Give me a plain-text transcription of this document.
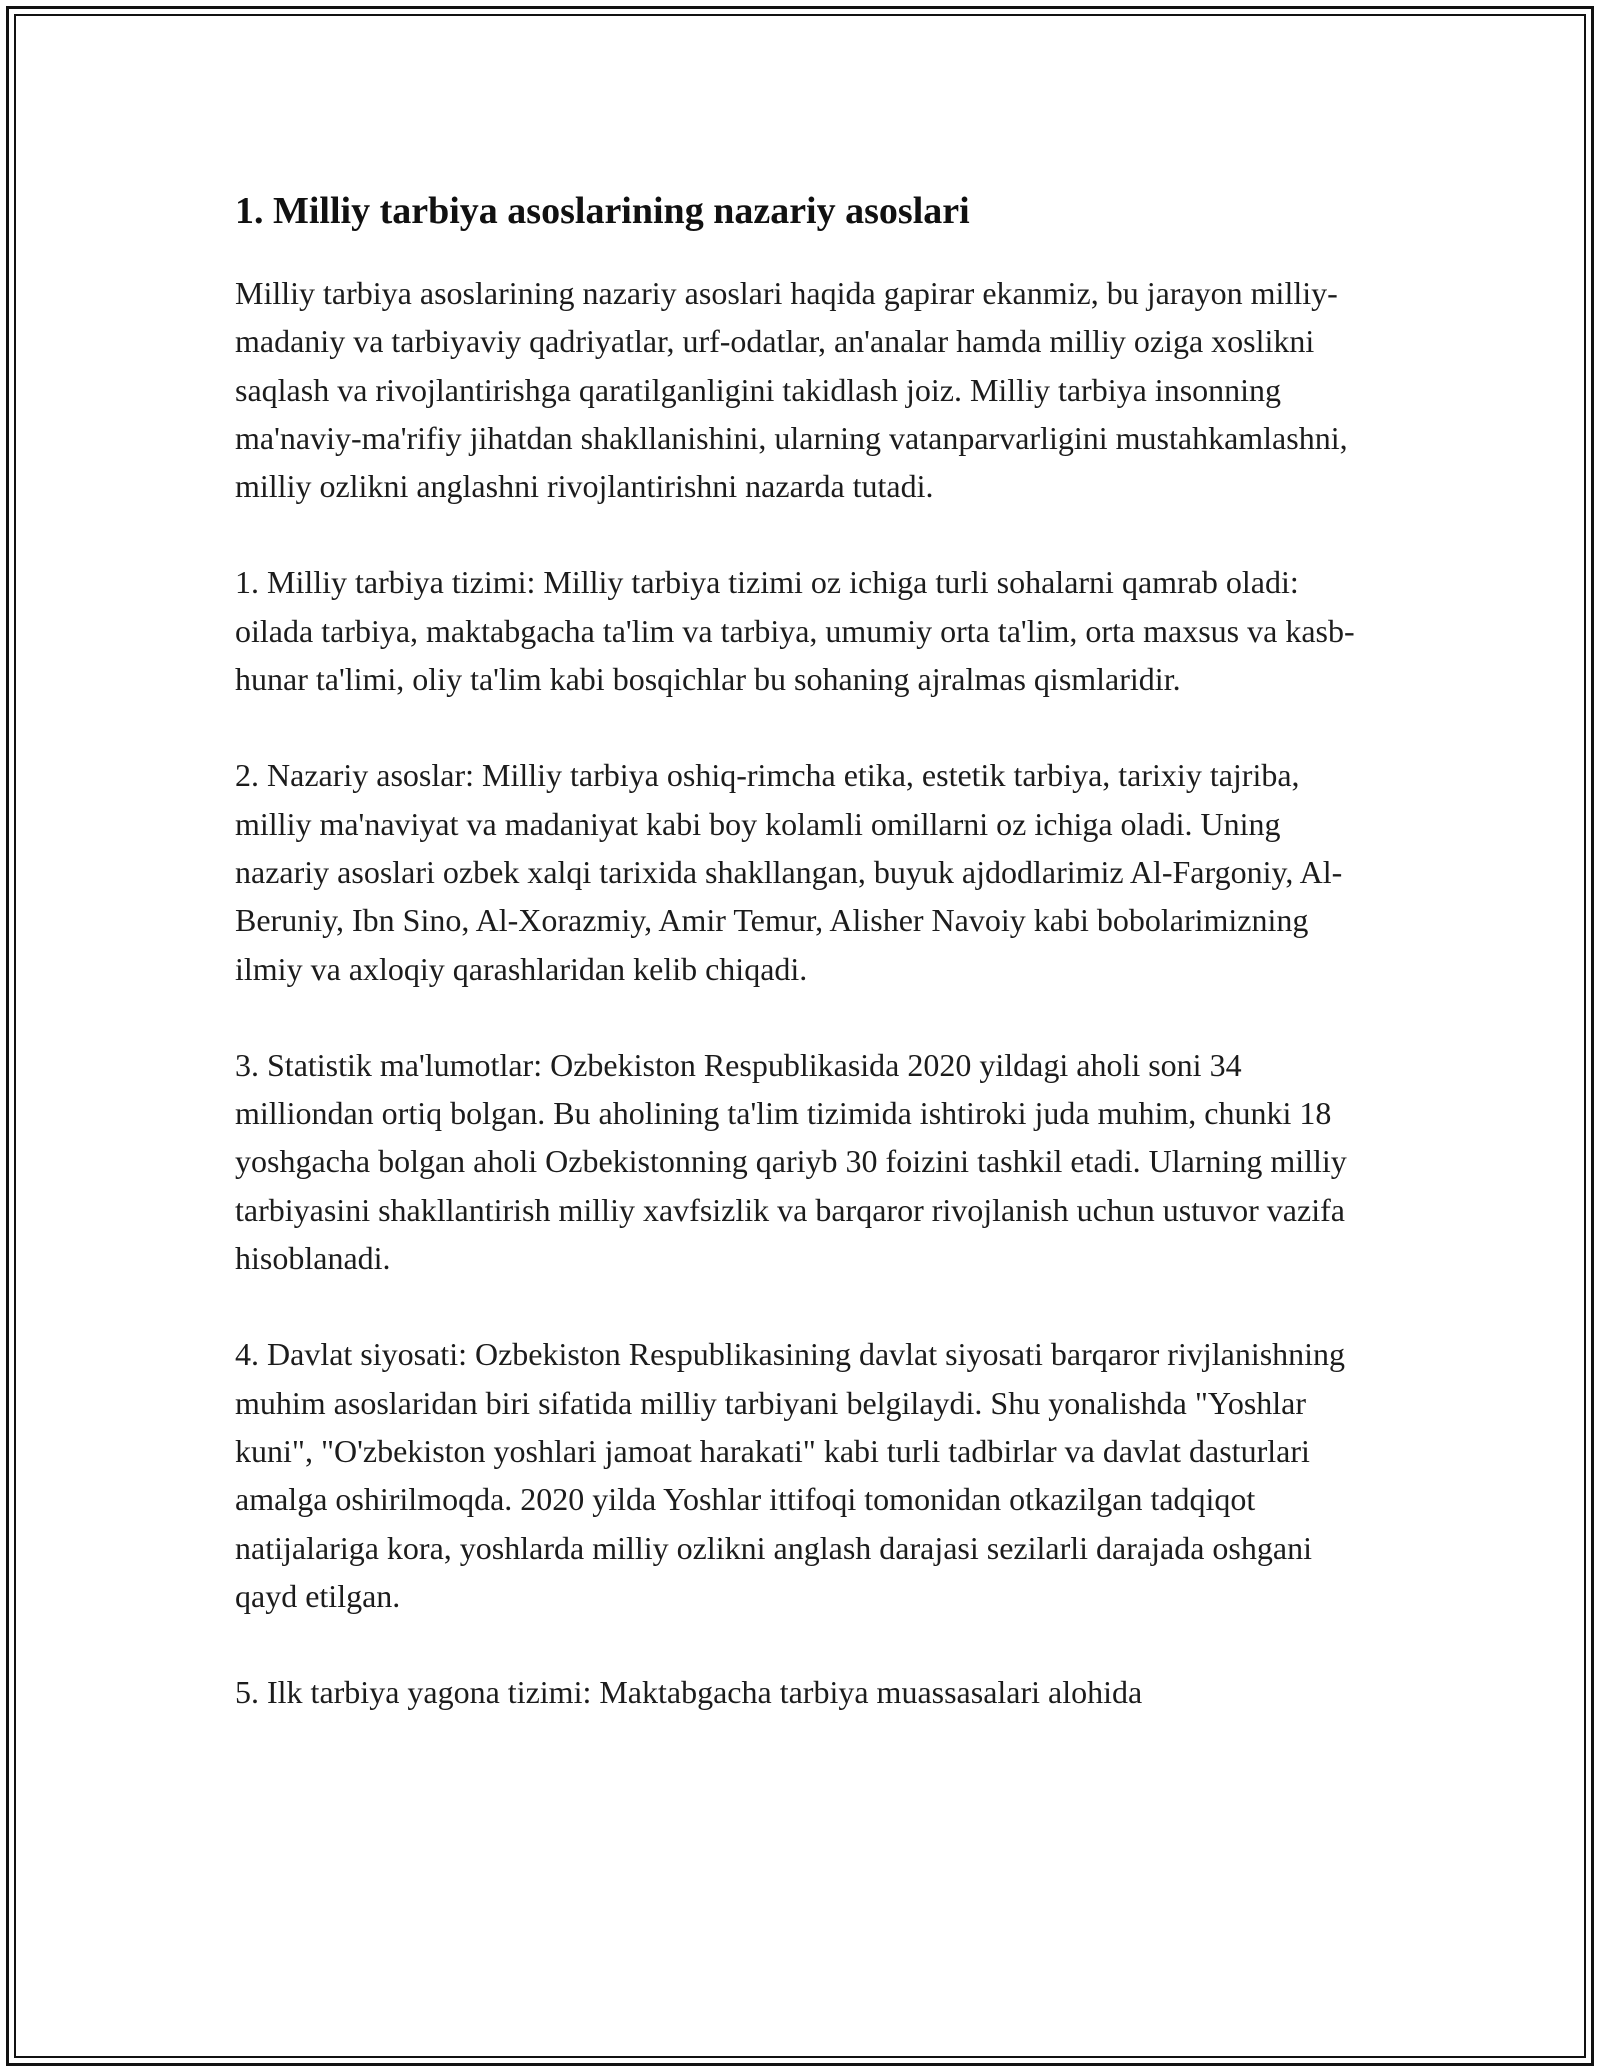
1. Milliy tarbiya asoslarining nazariy asoslari

Milliy tarbiya asoslarining nazariy asoslari haqida gapirar ekanmiz, bu jarayon milliy-madaniy va tarbiyaviy qadriyatlar, urf-odatlar, an'analar hamda milliy oziga xoslikni saqlash va rivojlantirishga qaratilganligini takidlash joiz. Milliy tarbiya insonning ma'naviy-ma'rifiy jihatdan shakllanishini, ularning vatanparvarligini mustahkamlashni, milliy ozlikni anglashni rivojlantirishni nazarda tutadi.

1. Milliy tarbiya tizimi: Milliy tarbiya tizimi oz ichiga turli sohalarni qamrab oladi: oilada tarbiya, maktabgacha ta'lim va tarbiya, umumiy orta ta'lim, orta maxsus va kasb-hunar ta'limi, oliy ta'lim kabi bosqichlar bu sohaning ajralmas qismlaridir.

2. Nazariy asoslar: Milliy tarbiya oshiq-rimcha etika, estetik tarbiya, tarixiy tajriba, milliy ma'naviyat va madaniyat kabi boy kolamli omillarni oz ichiga oladi. Uning nazariy asoslari ozbek xalqi tarixida shakllangan, buyuk ajdodlarimiz Al-Fargoniy, Al-Beruniy, Ibn Sino, Al-Xorazmiy, Amir Temur, Alisher Navoiy kabi bobolarimizning ilmiy va axloqiy qarashlaridan kelib chiqadi.

3. Statistik ma'lumotlar: Ozbekiston Respublikasida 2020 yildagi aholi soni 34 milliondan ortiq bolgan. Bu aholining ta'lim tizimida ishtiroki juda muhim, chunki 18 yoshgacha bolgan aholi Ozbekistonning qariyb 30 foizini tashkil etadi. Ularning milliy tarbiyasini shakllantirish milliy xavfsizlik va barqaror rivojlanish uchun ustuvor vazifa hisoblanadi.

4. Davlat siyosati: Ozbekiston Respublikasining davlat siyosati barqaror rivjlanishning muhim asoslaridan biri sifatida milliy tarbiyani belgilaydi. Shu yonalishda "Yoshlar kuni", "O'zbekiston yoshlari jamoat harakati" kabi turli tadbirlar va davlat dasturlari amalga oshirilmoqda. 2020 yilda Yoshlar ittifoqi tomonidan otkazilgan tadqiqot natijalariga kora, yoshlarda milliy ozlikni anglash darajasi sezilarli darajada oshgani qayd etilgan.

5. Ilk tarbiya yagona tizimi: Maktabgacha tarbiya muassasalari alohida
